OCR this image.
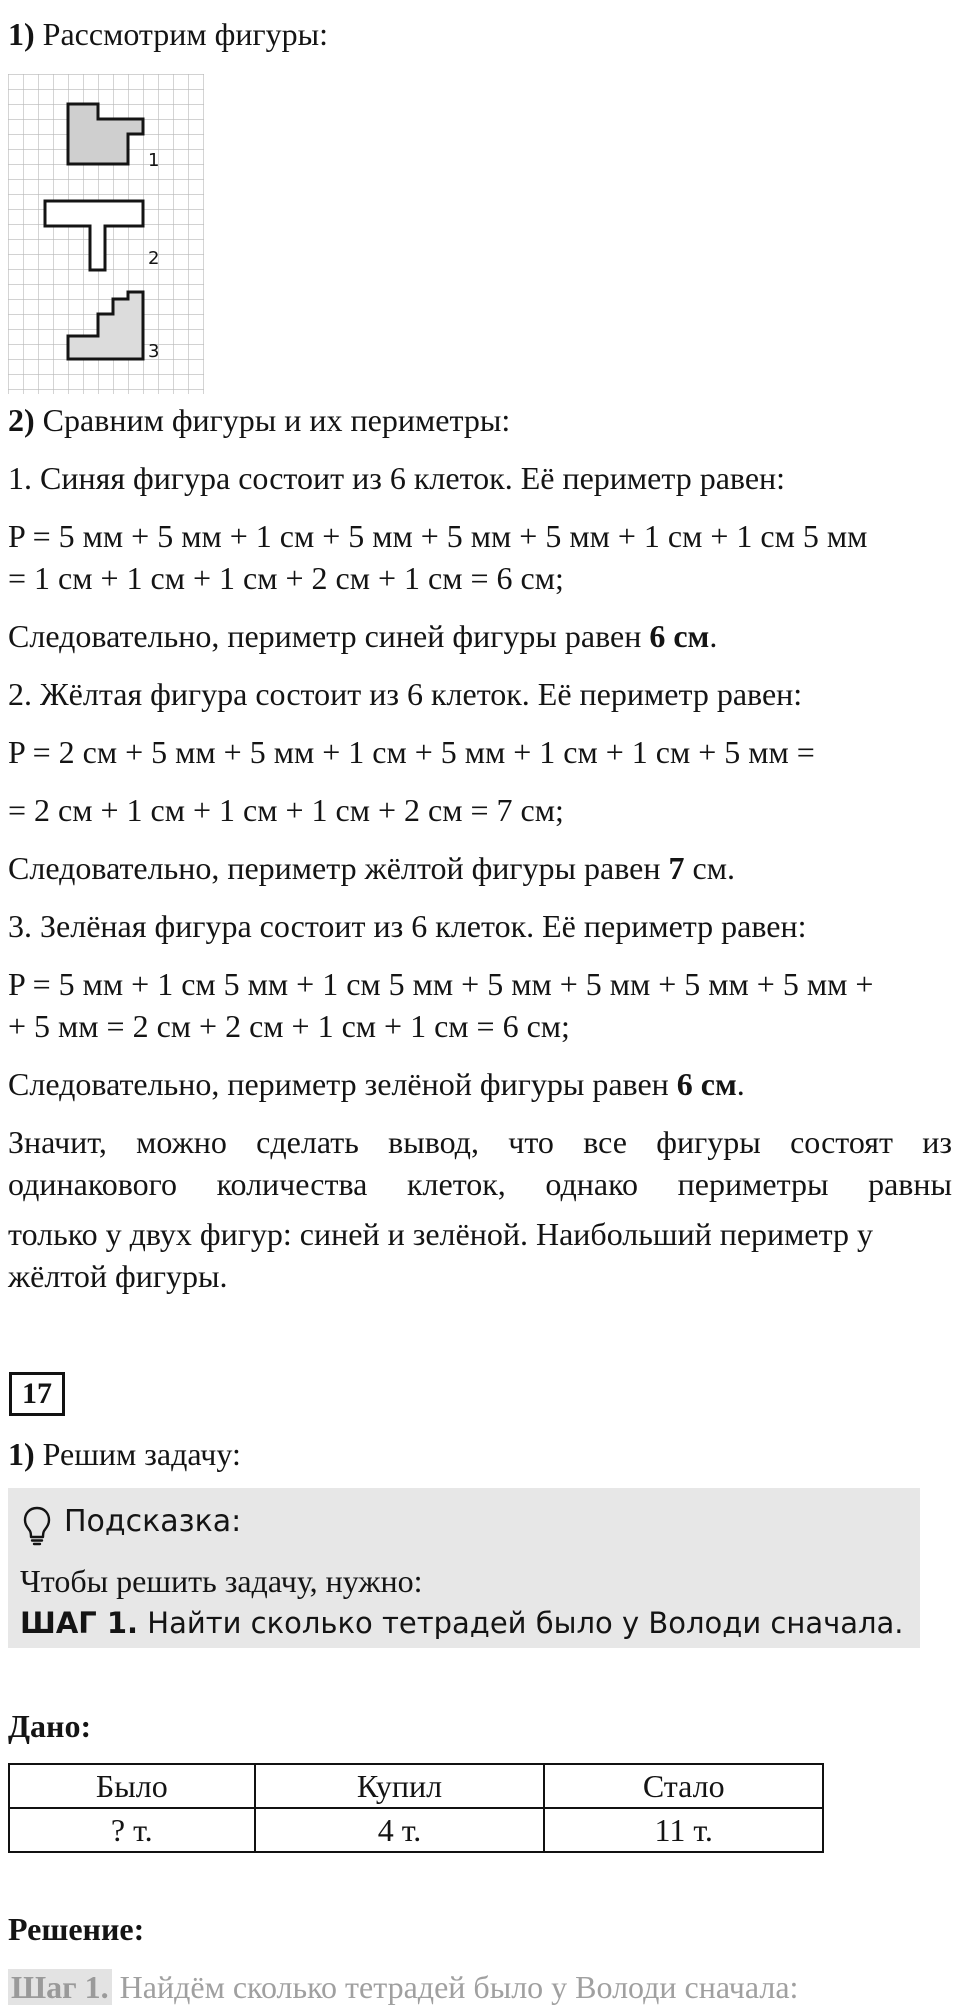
1) Рассмотрим фигуры:
1
2
3
2) Сравним фигуры и их периметры:
1. Синяя фигура состоит из 6 клеток. Её периметр равен:
P = 5 мм + 5 мм + 1 см + 5 мм + 5 мм + 5 мм + 1 см + 1 см 5 мм
= 1 см + 1 см + 1 см + 2 см + 1 см = 6 см;
Следовательно, периметр синей фигуры равен 6 см.
2. Жёлтая фигура состоит из 6 клеток. Её периметр равен:
P = 2 см + 5 мм + 5 мм + 1 см + 5 мм + 1 см + 1 см + 5 мм =
= 2 см + 1 см + 1 см + 1 см + 2 см = 7 см;
Следовательно, периметр жёлтой фигуры равен 7 см.
3. Зелёная фигура состоит из 6 клеток. Её периметр равен:
P = 5 мм + 1 см 5 мм + 1 см 5 мм + 5 мм + 5 мм + 5 мм + 5 мм +
+ 5 мм = 2 см + 2 см + 1 см + 1 см = 6 см;
Следовательно, периметр зелёной фигуры равен 6 см.
Значит, можно сделать вывод, что все фигуры состоят из
одинакового количества клеток, однако периметры равны
только у двух фигур: синей и зелёной. Наибольший периметр у
жёлтой фигуры.
17
1) Решим задачу:
Подсказка:
Чтобы решить задачу, нужно:
ШАГ 1. Найти сколько тетрадей было у Володи сначала.
Дано:
Было	Купил	Стало
? т.	4 т.	11 т.
Решение:
Шаг 1. Найдём сколько тетрадей было у Володи сначала:
